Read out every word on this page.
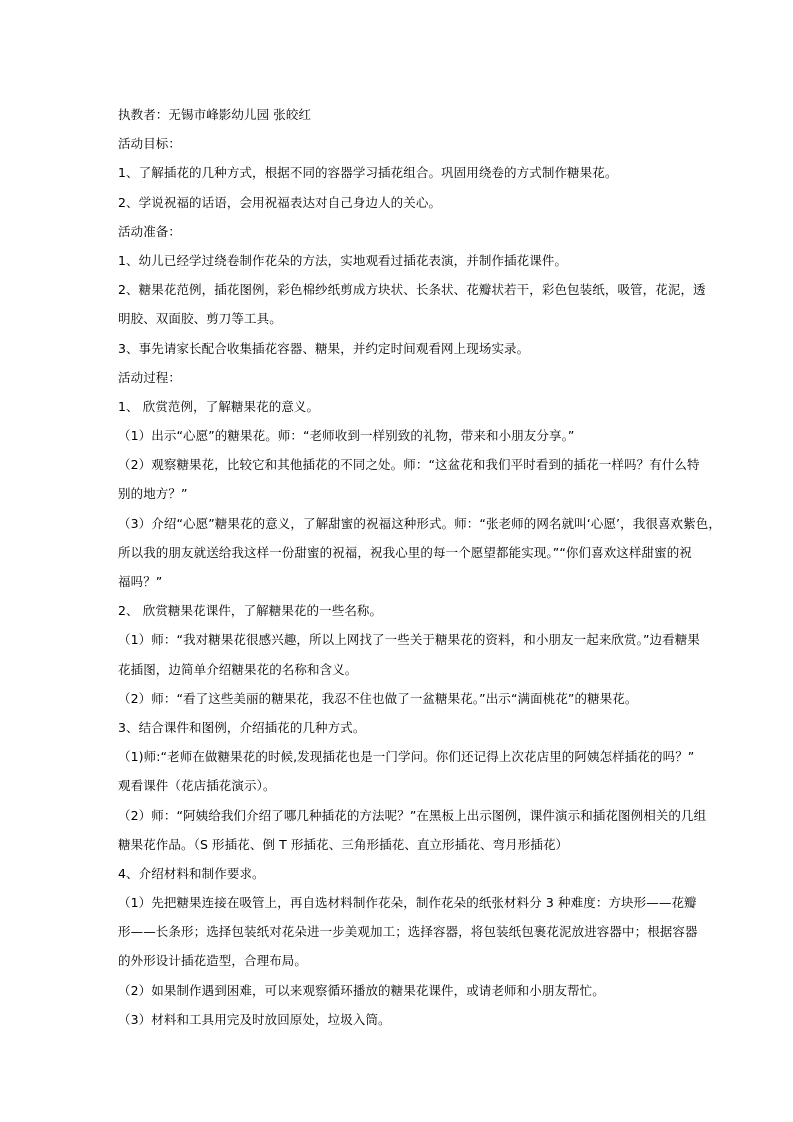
执教者：无锡市峰影幼儿园 张皎红
活动目标：
1、了解插花的几种方式，根据不同的容器学习插花组合。巩固用绕卷的方式制作糖果花。
2、学说祝福的话语，会用祝福表达对自己身边人的关心。
活动准备：
1、幼儿已经学过绕卷制作花朵的方法，实地观看过插花表演，并制作插花课件。
2、糖果花范例，插花图例，彩色棉纱纸剪成方块状、长条状、花瓣状若干，彩色包装纸，吸管，花泥，透
明胶、双面胶、剪刀等工具。
3、事先请家长配合收集插花容器、糖果，并约定时间观看网上现场实录。
活动过程：
1、 欣赏范例，了解糖果花的意义。
（1）出示“心愿”的糖果花。师：“老师收到一样别致的礼物，带来和小朋友分享。”
（2）观察糖果花，比较它和其他插花的不同之处。师：“这盆花和我们平时看到的插花一样吗？有什么特
别的地方？”
（3）介绍“心愿”糖果花的意义，了解甜蜜的祝福这种形式。师：“张老师的网名就叫‘心愿’，我很喜欢紫色，
所以我的朋友就送给我这样一份甜蜜的祝福，祝我心里的每一个愿望都能实现。”“你们喜欢这样甜蜜的祝
福吗？”
2、 欣赏糖果花课件，了解糖果花的一些名称。
（1）师：“我对糖果花很感兴趣，所以上网找了一些关于糖果花的资料，和小朋友一起来欣赏。”边看糖果
花插图，边简单介绍糖果花的名称和含义。
（2）师：“看了这些美丽的糖果花，我忍不住也做了一盆糖果花。”出示“满面桃花”的糖果花。
3、结合课件和图例，介绍插花的几种方式。
（1)师:“老师在做糖果花的时候,发现插花也是一门学问。你们还记得上次花店里的阿姨怎样插花的吗？”
观看课件（花店插花演示）。
（2）师：“阿姨给我们介绍了哪几种插花的方法呢？”在黑板上出示图例，课件演示和插花图例相关的几组
糖果花作品。（S 形插花、倒 T 形插花、三角形插花、直立形插花、弯月形插花）
4、介绍材料和制作要求。
（1）先把糖果连接在吸管上，再自选材料制作花朵，制作花朵的纸张材料分 3 种难度：方块形——花瓣
形——长条形；选择包装纸对花朵进一步美观加工；选择容器，将包装纸包裹花泥放进容器中；根据容器
的外形设计插花造型，合理布局。
（2）如果制作遇到困难，可以来观察循环播放的糖果花课件，或请老师和小朋友帮忙。
（3）材料和工具用完及时放回原处，垃圾入筒。
